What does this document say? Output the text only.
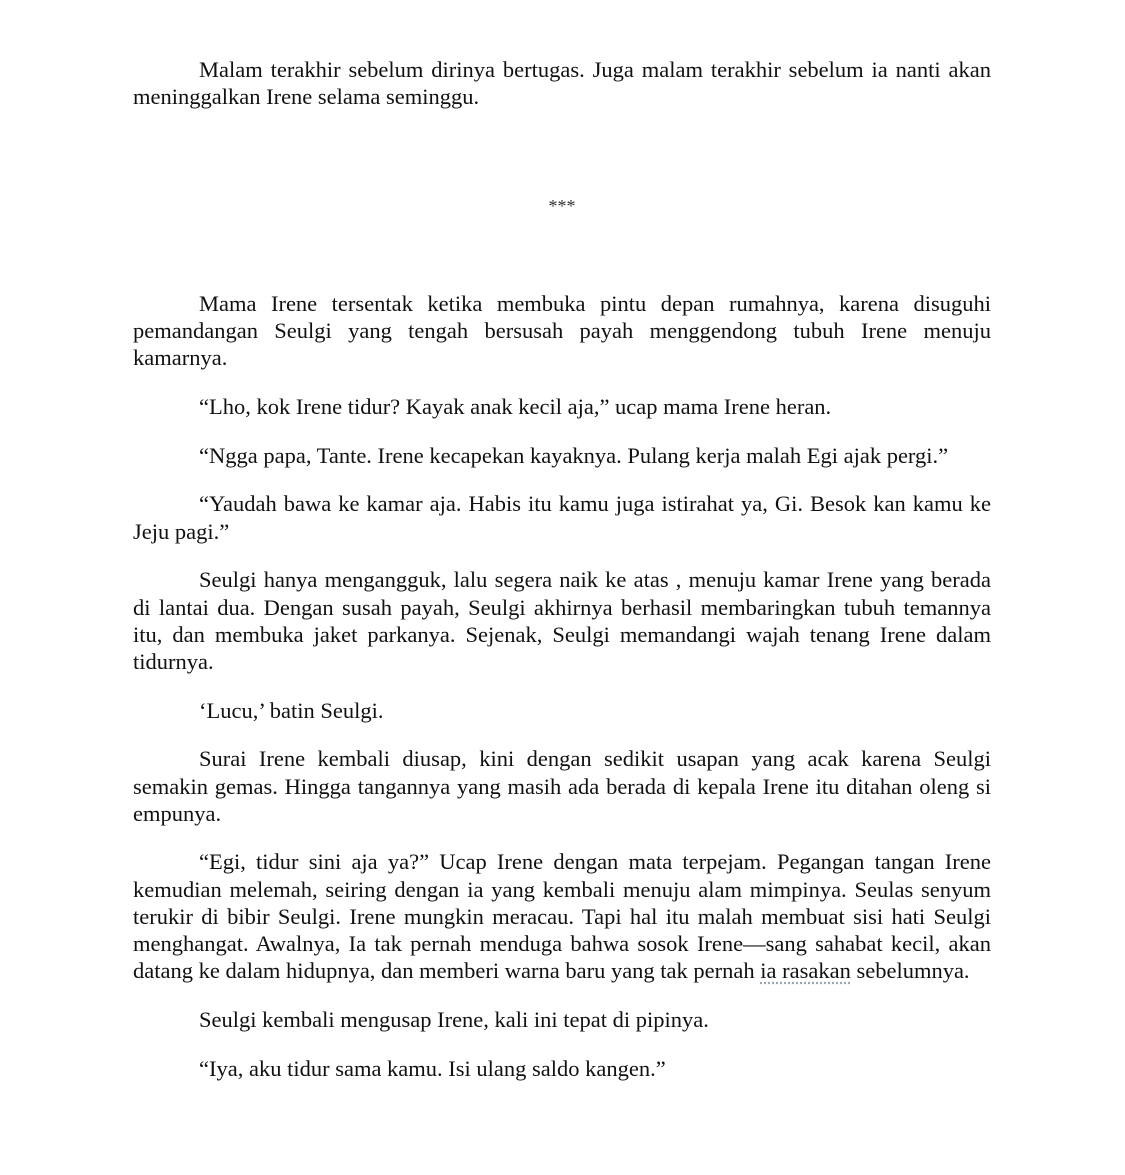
Malam terakhir sebelum dirinya bertugas. Juga malam terakhir sebelum ia nanti akan meninggalkan Irene selama seminggu.

***

Mama Irene tersentak ketika membuka pintu depan rumahnya, karena disuguhi pemandangan Seulgi yang tengah bersusah payah menggendong tubuh Irene menuju kamarnya.

“Lho, kok Irene tidur? Kayak anak kecil aja,” ucap mama Irene heran.

“Ngga papa, Tante. Irene kecapekan kayaknya. Pulang kerja malah Egi ajak pergi.”

“Yaudah bawa ke kamar aja. Habis itu kamu juga istirahat ya, Gi. Besok kan kamu ke Jeju pagi.”

Seulgi hanya mengangguk, lalu segera naik ke atas , menuju kamar Irene yang berada di lantai dua. Dengan susah payah, Seulgi akhirnya berhasil membaringkan tubuh temannya itu, dan membuka jaket parkanya. Sejenak, Seulgi memandangi wajah tenang Irene dalam tidurnya.

‘Lucu,’ batin Seulgi.

Surai Irene kembali diusap, kini dengan sedikit usapan yang acak karena Seulgi semakin gemas. Hingga tangannya yang masih ada berada di kepala Irene itu ditahan oleng si empunya.

“Egi, tidur sini aja ya?” Ucap Irene dengan mata terpejam. Pegangan tangan Irene kemudian melemah, seiring dengan ia yang kembali menuju alam mimpinya. Seulas senyum terukir di bibir Seulgi. Irene mungkin meracau. Tapi hal itu malah membuat sisi hati Seulgi menghangat. Awalnya, Ia tak pernah menduga bahwa sosok Irene—sang sahabat kecil, akan datang ke dalam hidupnya, dan memberi warna baru yang tak pernah ia rasakan sebelumnya.

Seulgi kembali mengusap Irene, kali ini tepat di pipinya.

“Iya, aku tidur sama kamu. Isi ulang saldo kangen.”
